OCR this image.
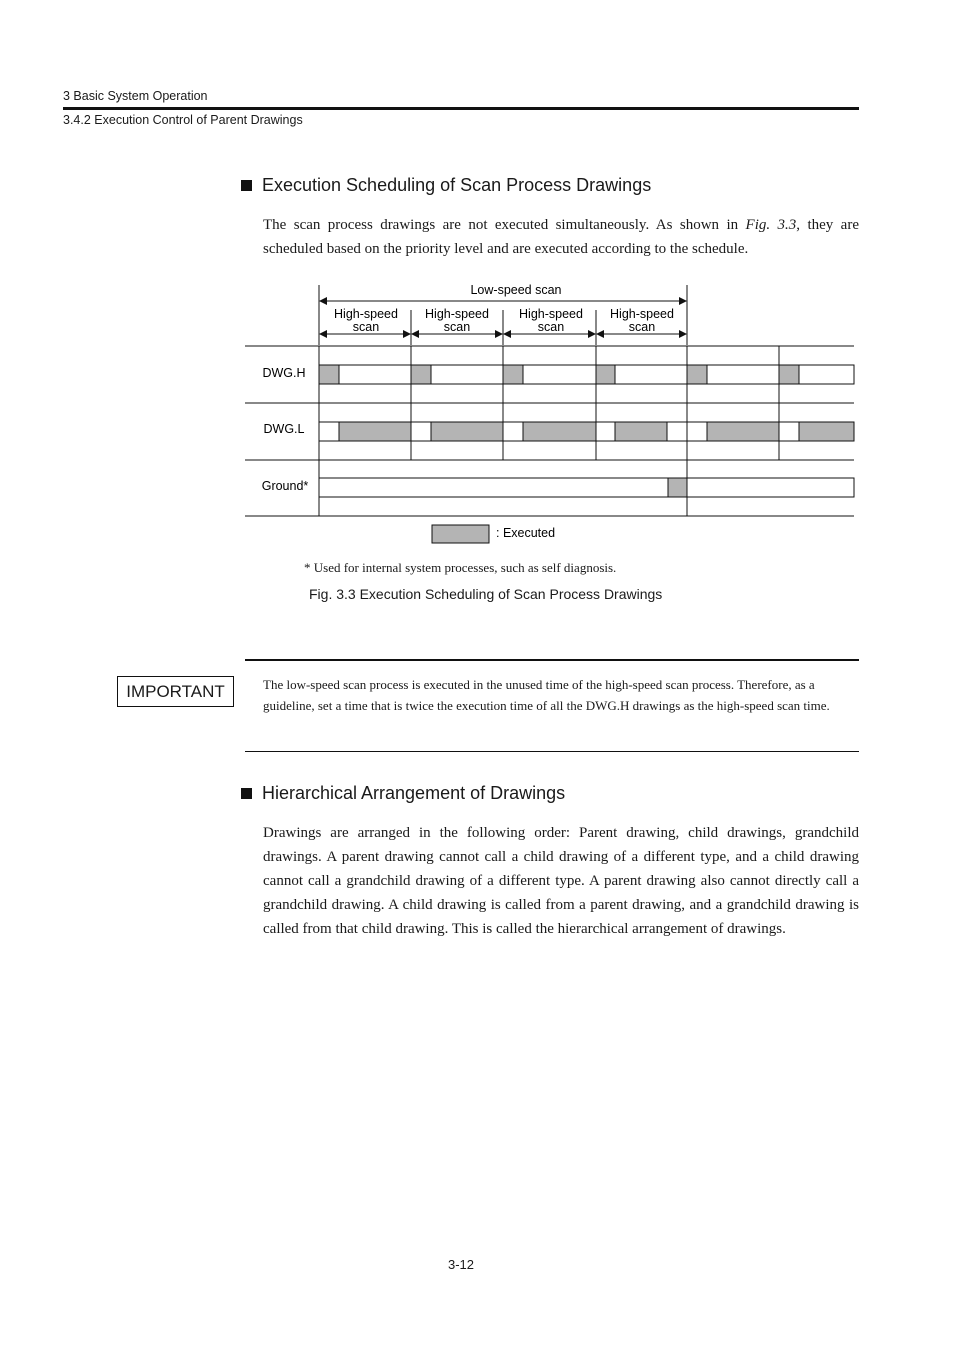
3 Basic System Operation
3.4.2 Execution Control of Parent Drawings
Execution Scheduling of Scan Process Drawings
The scan process drawings are not executed simultaneously. As shown in Fig. 3.3, they are scheduled based on the priority level and are executed according to the schedule.
Low-speed scan
High-speed
scan
High-speed
scan
High-speed
scan
High-speed
scan
DWG.H
DWG.L
Ground*
: Executed
* Used for internal system processes, such as self diagnosis.
Fig. 3.3 Execution Scheduling of Scan Process Drawings
IMPORTANT	The low-speed scan process is executed in the unused time of the high-speed scan process. Therefore, as a guideline, set a time that is twice the execution time of all the DWG.H drawings as the high-speed scan time.
Hierarchical Arrangement of Drawings
Drawings are arranged in the following order: Parent drawing, child drawings, grandchild drawings. A parent drawing cannot call a child drawing of a different type, and a child drawing cannot call a grandchild drawing of a different type. A parent drawing also cannot directly call a grandchild drawing. A child drawing is called from a parent drawing, and a grandchild drawing is called from that child drawing. This is called the hierarchical arrangement of drawings.
3-12
